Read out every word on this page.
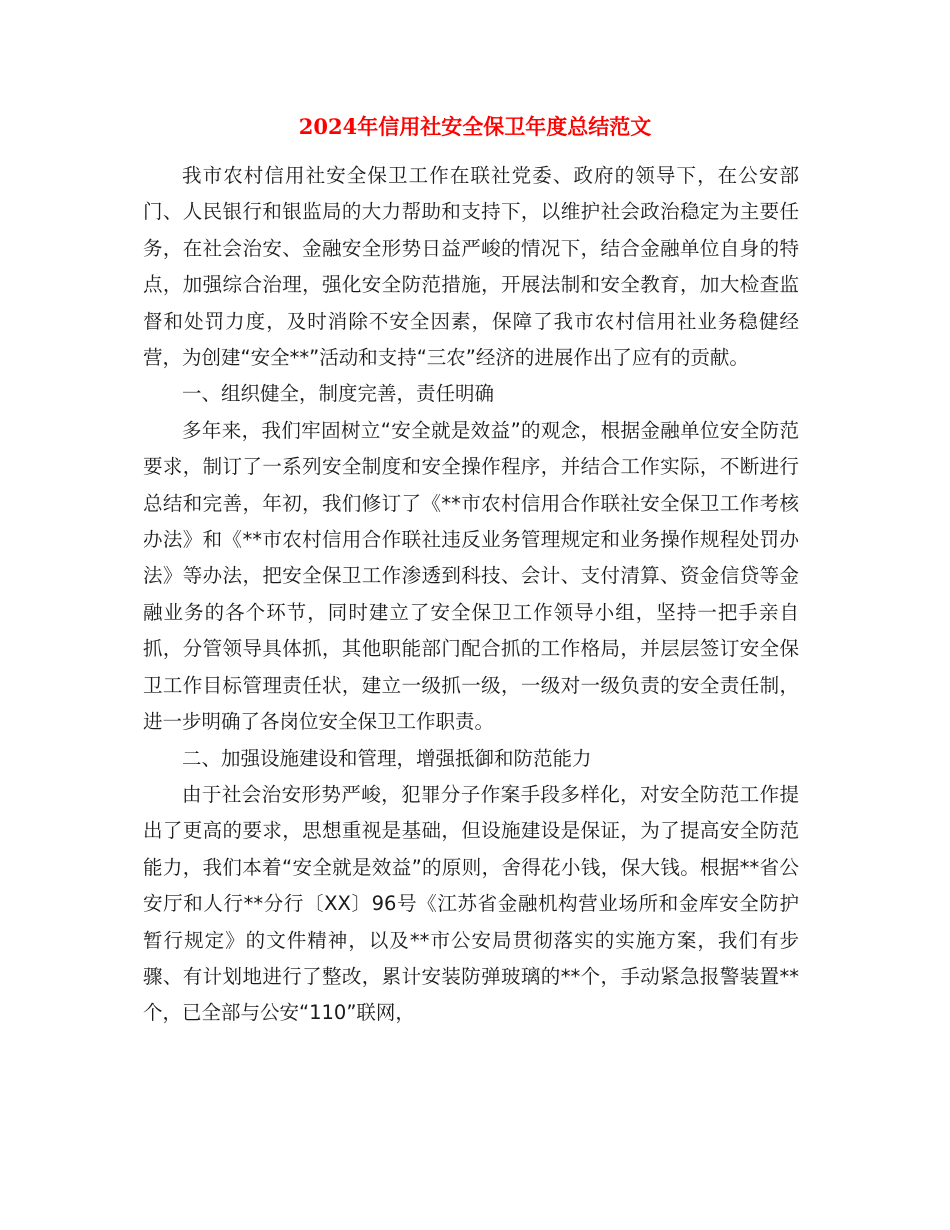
2024年信用社安全保卫年度总结范文

我市农村信用社安全保卫工作在联社党委、政府的领导下，在公安部门、人民银行和银监局的大力帮助和支持下，以维护社会政治稳定为主要任务，在社会治安、金融安全形势日益严峻的情况下，结合金融单位自身的特点，加强综合治理，强化安全防范措施，开展法制和安全教育，加大检查监督和处罚力度，及时消除不安全因素，保障了我市农村信用社业务稳健经营，为创建“安全**”活动和支持“三农”经济的进展作出了应有的贡献。

一、组织健全，制度完善，责任明确

多年来，我们牢固树立“安全就是效益”的观念，根据金融单位安全防范要求，制订了一系列安全制度和安全操作程序，并结合工作实际，不断进行总结和完善，年初，我们修订了《**市农村信用合作联社安全保卫工作考核办法》和《**市农村信用合作联社违反业务管理规定和业务操作规程处罚办法》等办法，把安全保卫工作渗透到科技、会计、支付清算、资金信贷等金融业务的各个环节，同时建立了安全保卫工作领导小组，坚持一把手亲自抓，分管领导具体抓，其他职能部门配合抓的工作格局，并层层签订安全保卫工作目标管理责任状，建立一级抓一级，一级对一级负责的安全责任制，进一步明确了各岗位安全保卫工作职责。

二、加强设施建设和管理，增强抵御和防范能力

由于社会治安形势严峻，犯罪分子作案手段多样化，对安全防范工作提出了更高的要求，思想重视是基础，但设施建设是保证，为了提高安全防范能力，我们本着“安全就是效益”的原则，舍得花小钱，保大钱。根据**省公安厅和人行**分行〔XX〕96号《江苏省金融机构营业场所和金库安全防护暂行规定》的文件精神，以及**市公安局贯彻落实的实施方案，我们有步骤、有计划地进行了整改，累计安装防弹玻璃的**个，手动紧急报警装置**个，已全部与公安“110”联网，
